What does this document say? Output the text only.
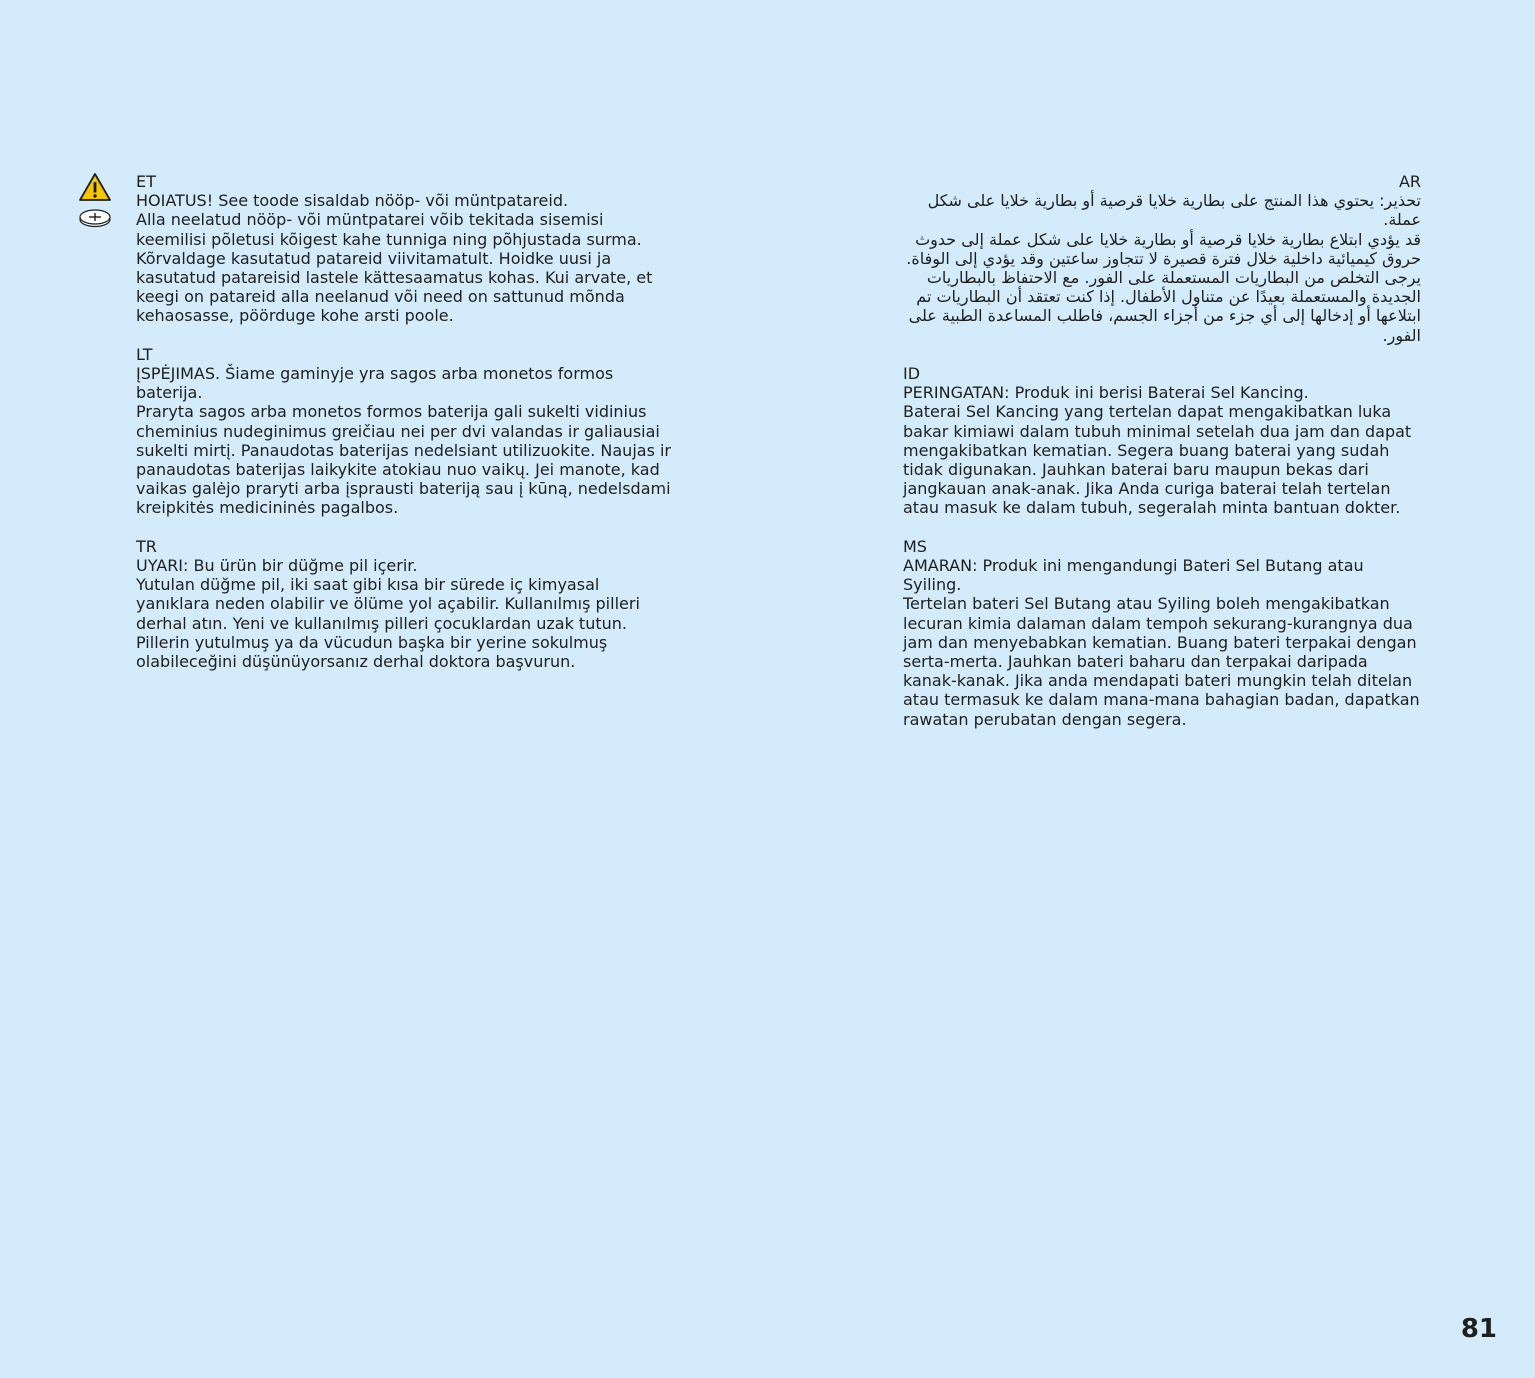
ET

HOIATUS! See toode sisaldab nööp- või müntpatareid.

Alla neelatud nööp- või müntpatarei võib tekitada sisemisi keemilisi põletusi kõigest kahe tunniga ning põhjustada surma. Kõrvaldage kasutatud patareid viivitamatult. Hoidke uusi ja kasutatud patareisid lastele kättesaamatus kohas. Kui arvate, et keegi on patareid alla neelanud või need on sattunud mõnda kehaosasse, pöörduge kohe arsti poole.

LT

ĮSPĖJIMAS. Šiame gaminyje yra sagos arba monetos formos baterija.

Praryta sagos arba monetos formos baterija gali sukelti vidinius cheminius nudeginimus greičiau nei per dvi valandas ir galiausiai sukelti mirtį. Panaudotas baterijas nedelsiant utilizuokite. Naujas ir panaudotas baterijas laikykite atokiau nuo vaikų. Jei manote, kad vaikas galėjo praryti arba įsprausti bateriją sau į kūną, nedelsdami kreipkitės medicininės pagalbos.

TR

UYARI: Bu ürün bir düğme pil içerir.

Yutulan düğme pil, iki saat gibi kısa bir sürede iç kimyasal yanıklara neden olabilir ve ölüme yol açabilir. Kullanılmış pilleri derhal atın. Yeni ve kullanılmış pilleri çocuklardan uzak tutun. Pillerin yutulmuş ya da vücudun başka bir yerine sokulmuş olabileceğini düşünüyorsanız derhal doktora başvurun.

AR

تحذير: يحتوي هذا المنتج على بطارية خلايا قرصية أو بطارية خلايا على شكل عملة.

قد يؤدي ابتلاع بطارية خلايا قرصية أو بطارية خلايا على شكل عملة إلى حدوث حروق كيميائية داخلية خلال فترة قصيرة لا تتجاوز ساعتين وقد يؤدي إلى الوفاة. يرجى التخلص من البطاريات المستعملة على الفور. مع الاحتفاظ بالبطاريات الجديدة والمستعملة بعيدًا عن متناول الأطفال. إذا كنت تعتقد أن البطاريات تم ابتلاعها أو إدخالها إلى أي جزء من أجزاء الجسم، فاطلب المساعدة الطبية على الفور.

ID

PERINGATAN: Produk ini berisi Baterai Sel Kancing.

Baterai Sel Kancing yang tertelan dapat mengakibatkan luka bakar kimiawi dalam tubuh minimal setelah dua jam dan dapat mengakibatkan kematian. Segera buang baterai yang sudah tidak digunakan. Jauhkan baterai baru maupun bekas dari jangkauan anak-anak. Jika Anda curiga baterai telah tertelan atau masuk ke dalam tubuh, segeralah minta bantuan dokter.

MS

AMARAN: Produk ini mengandungi Bateri Sel Butang atau Syiling.

Tertelan bateri Sel Butang atau Syiling boleh mengakibatkan lecuran kimia dalaman dalam tempoh sekurang-kurangnya dua jam dan menyebabkan kematian. Buang bateri terpakai dengan serta-merta. Jauhkan bateri baharu dan terpakai daripada kanak-kanak. Jika anda mendapati bateri mungkin telah ditelan atau termasuk ke dalam mana-mana bahagian badan, dapatkan rawatan perubatan dengan segera.

81
